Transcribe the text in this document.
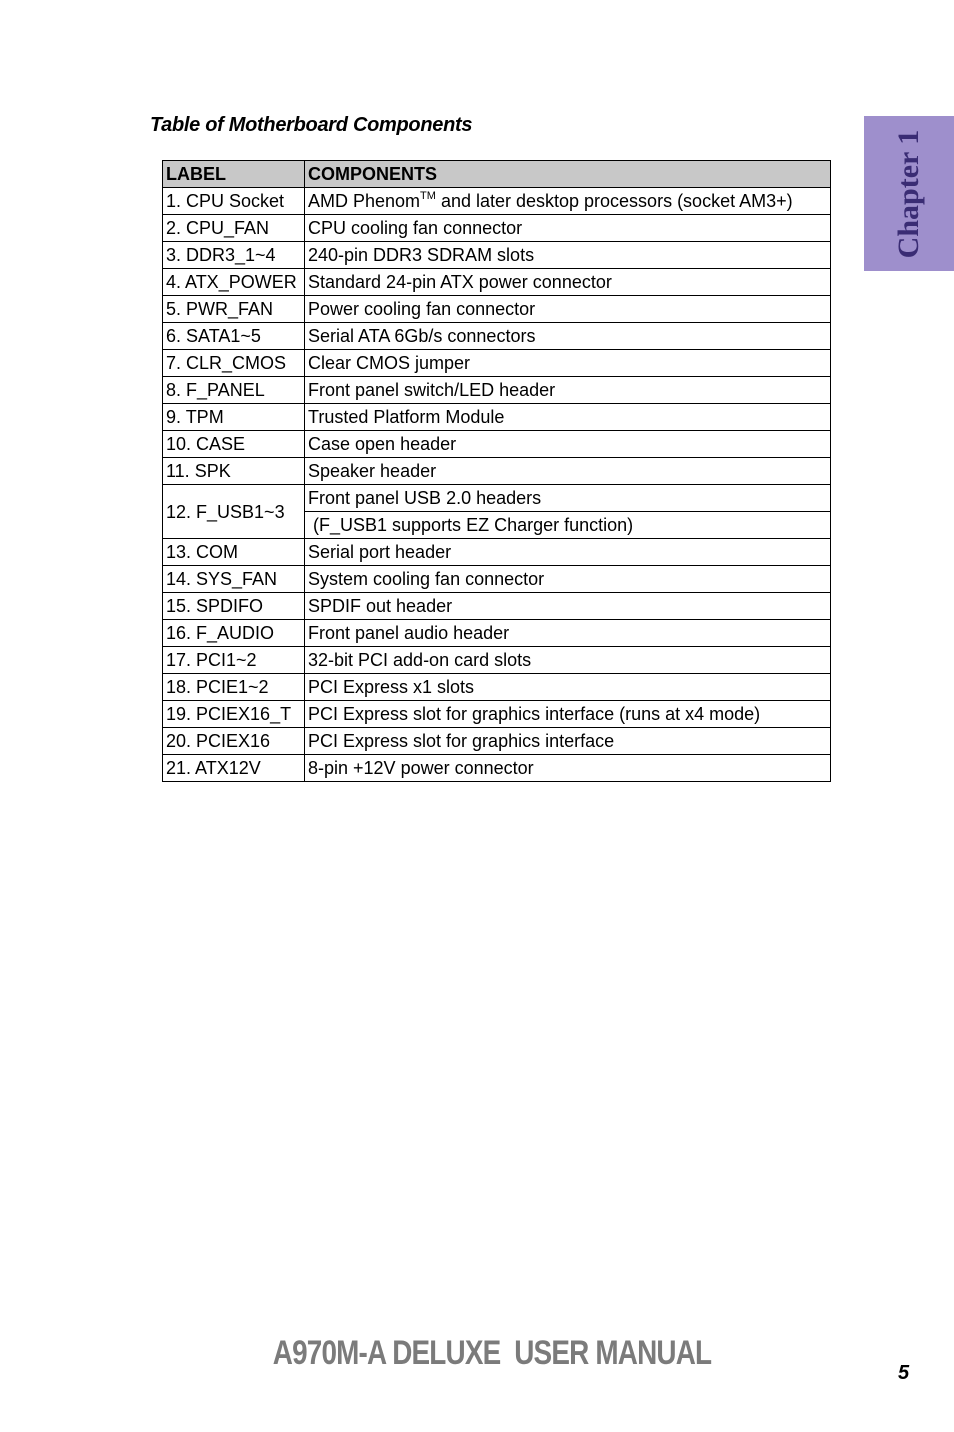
Chapter 1
Table of Motherboard Components
LABEL	COMPONENTS
1. CPU Socket	AMD Phenom™ and later desktop processors (socket AM3+)
2. CPU_FAN	CPU cooling fan connector
3. DDR3_1~4	240-pin DDR3 SDRAM slots
4. ATX_POWER	Standard 24-pin ATX power connector
5. PWR_FAN	Power cooling fan connector
6. SATA1~5	Serial ATA 6Gb/s connectors
7. CLR_CMOS	Clear CMOS jumper
8. F_PANEL	Front panel switch/LED header
9. TPM	Trusted Platform Module
10. CASE	Case open header
11. SPK	Speaker header
12. F_USB1~3	Front panel USB 2.0 headers
	(F_USB1 supports EZ Charger function)
13. COM	Serial port header
14. SYS_FAN	System cooling fan connector
15. SPDIFO	SPDIF out header
16. F_AUDIO	Front panel audio header
17. PCI1~2	32-bit PCI add-on card slots
18. PCIE1~2	PCI Express x1 slots
19. PCIEX16_T	PCI Express slot for graphics interface (runs at x4 mode)
20. PCIEX16	PCI Express slot for graphics interface
21. ATX12V	8-pin +12V power connector
A970M-A DELUXE  USER MANUAL
5
